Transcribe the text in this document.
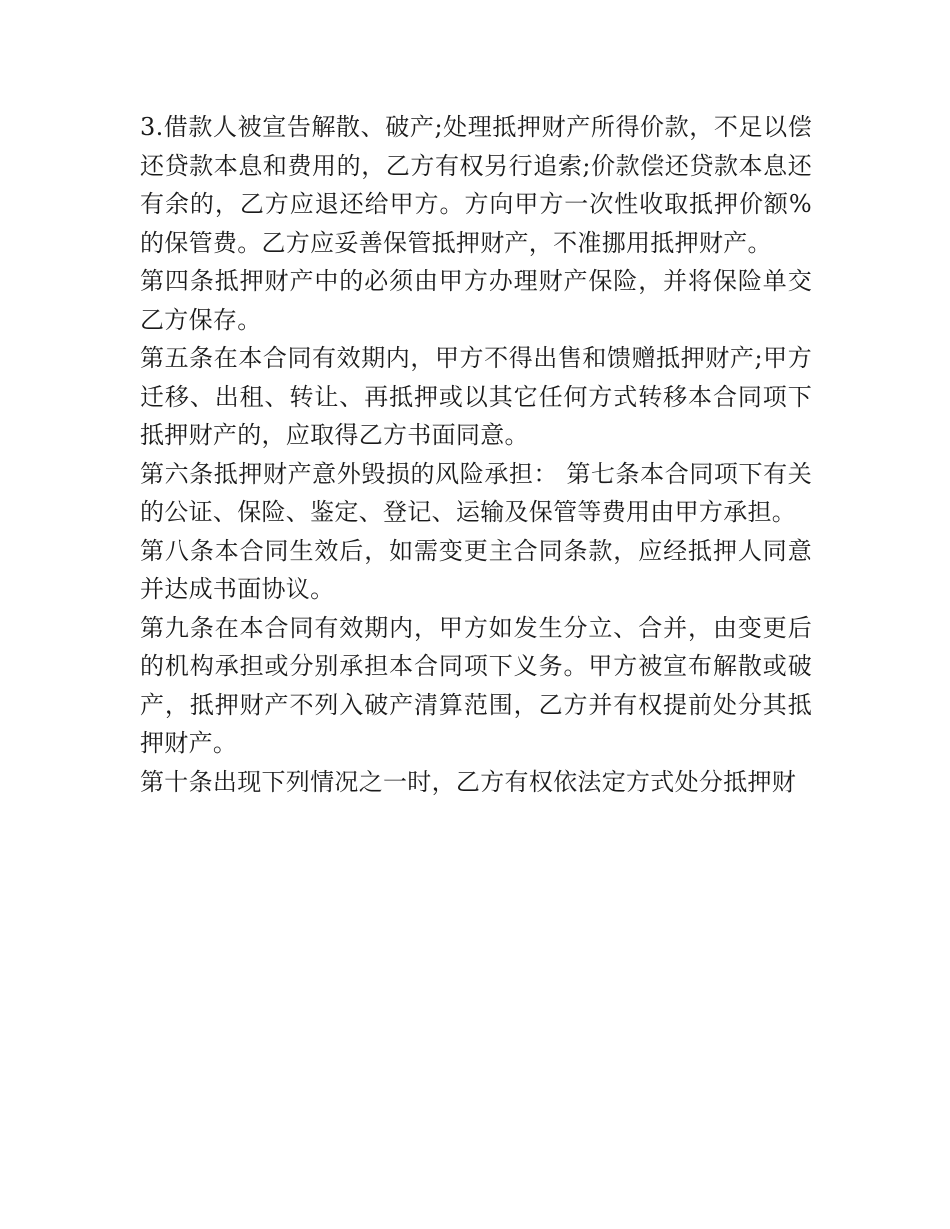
3.借款人被宣告解散、破产;处理抵押财产所得价款，不足以偿还贷款本息和费用的，乙方有权另行追索;价款偿还贷款本息还有余的，乙方应退还给甲方。方向甲方一次性收取抵押价额%的保管费。乙方应妥善保管抵押财产，不准挪用抵押财产。

第四条抵押财产中的必须由甲方办理财产保险，并将保险单交乙方保存。

第五条在本合同有效期内，甲方不得出售和馈赠抵押财产;甲方迁移、出租、转让、再抵押或以其它任何方式转移本合同项下抵押财产的，应取得乙方书面同意。

第六条抵押财产意外毁损的风险承担： 第七条本合同项下有关的公证、保险、鉴定、登记、运输及保管等费用由甲方承担。

第八条本合同生效后，如需变更主合同条款，应经抵押人同意并达成书面协议。

第九条在本合同有效期内，甲方如发生分立、合并，由变更后的机构承担或分别承担本合同项下义务。甲方被宣布解散或破产，抵押财产不列入破产清算范围，乙方并有权提前处分其抵押财产。

第十条出现下列情况之一时，乙方有权依法定方式处分抵押财
